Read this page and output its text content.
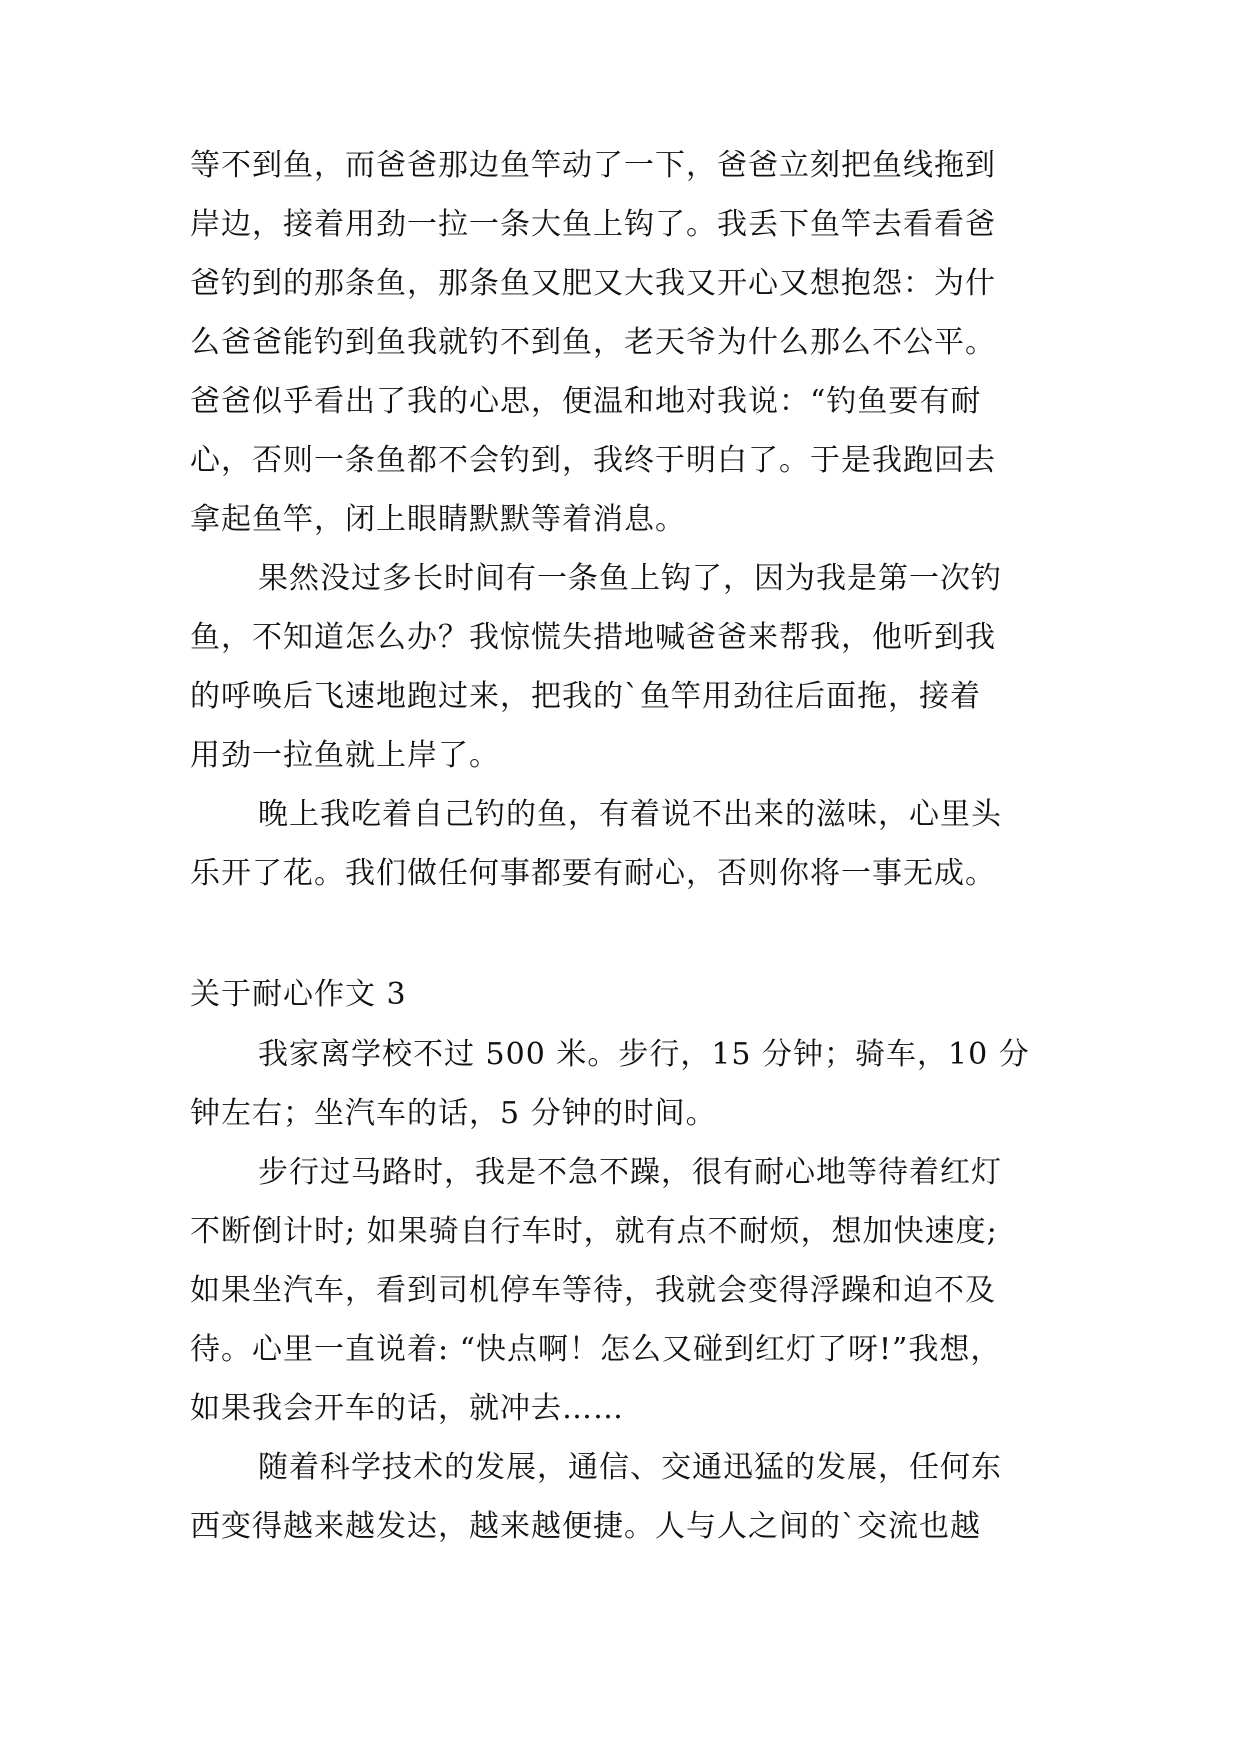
等不到鱼，而爸爸那边鱼竿动了一下，爸爸立刻把鱼线拖到
岸边，接着用劲一拉一条大鱼上钩了。我丢下鱼竿去看看爸
爸钓到的那条鱼，那条鱼又肥又大我又开心又想抱怨：为什
么爸爸能钓到鱼我就钓不到鱼，老天爷为什么那么不公平。
爸爸似乎看出了我的心思，便温和地对我说：“钓鱼要有耐
心，否则一条鱼都不会钓到，我终于明白了。于是我跑回去
拿起鱼竿，闭上眼睛默默等着消息。
果然没过多长时间有一条鱼上钩了，因为我是第一次钓
鱼，不知道怎么办？我惊慌失措地喊爸爸来帮我，他听到我
的呼唤后飞速地跑过来，把我的`鱼竿用劲往后面拖，接着
用劲一拉鱼就上岸了。
晚上我吃着自己钓的鱼，有着说不出来的滋味，心里头
乐开了花。我们做任何事都要有耐心，否则你将一事无成。
关于耐心作文 3
我家离学校不过 500 米。步行，15 分钟；骑车，10 分
钟左右；坐汽车的话，5 分钟的时间。
步行过马路时，我是不急不躁，很有耐心地等待着红灯
不断倒计时; 如果骑自行车时，就有点不耐烦，想加快速度;
如果坐汽车，看到司机停车等待，我就会变得浮躁和迫不及
待。心里一直说着: “快点啊！怎么又碰到红灯了呀!”我想，
如果我会开车的话，就冲去……
随着科学技术的发展，通信、交通迅猛的发展，任何东
西变得越来越发达，越来越便捷。人与人之间的`交流也越
